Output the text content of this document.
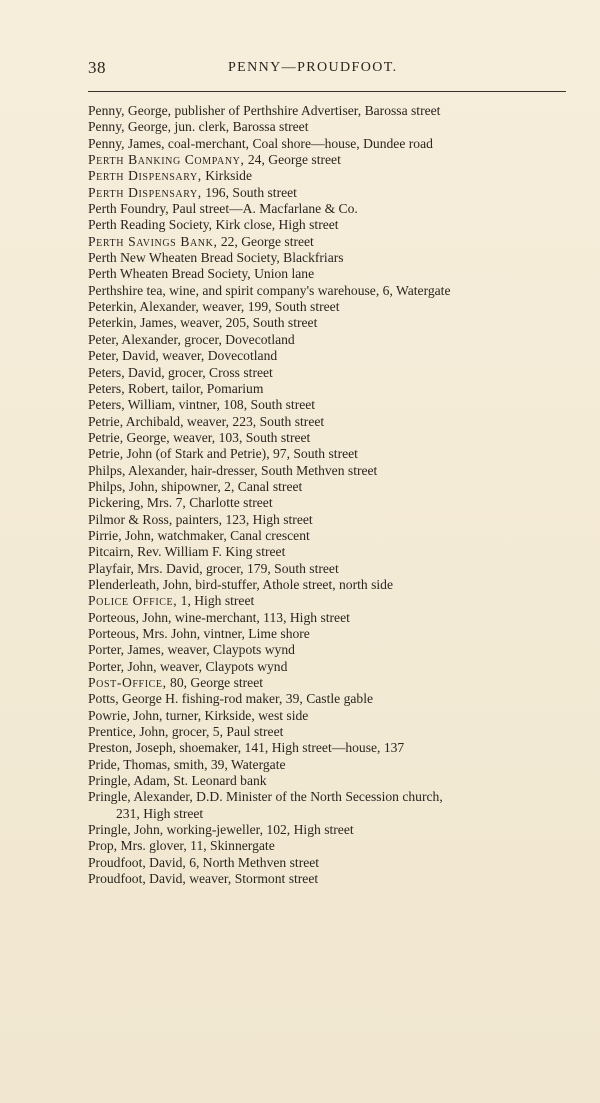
38	PENNY—PROUDFOOT.
Penny, George, publisher of Perthshire Advertiser, Barossa street
Penny, George, jun. clerk, Barossa street
Penny, James, coal-merchant, Coal shore—house, Dundee road
Perth Banking Company, 24, George street
Perth Dispensary, Kirkside
Perth Dispensary, 196, South street
Perth Foundry, Paul street—A. Macfarlane & Co.
Perth Reading Society, Kirk close, High street
Perth Savings Bank, 22, George street
Perth New Wheaten Bread Society, Blackfriars
Perth Wheaten Bread Society, Union lane
Perthshire tea, wine, and spirit company's warehouse, 6, Watergate
Peterkin, Alexander, weaver, 199, South street
Peterkin, James, weaver, 205, South street
Peter, Alexander, grocer, Dovecotland
Peter, David, weaver, Dovecotland
Peters, David, grocer, Cross street
Peters, Robert, tailor, Pomarium
Peters, William, vintner, 108, South street
Petrie, Archibald, weaver, 223, South street
Petrie, George, weaver, 103, South street
Petrie, John (of Stark and Petrie), 97, South street
Philps, Alexander, hair-dresser, South Methven street
Philps, John, shipowner, 2, Canal street
Pickering, Mrs. 7, Charlotte street
Pilmor & Ross, painters, 123, High street
Pirrie, John, watchmaker, Canal crescent
Pitcairn, Rev. William F. King street
Playfair, Mrs. David, grocer, 179, South street
Plenderleath, John, bird-stuffer, Athole street, north side
Police Office, 1, High street
Porteous, John, wine-merchant, 113, High street
Porteous, Mrs. John, vintner, Lime shore
Porter, James, weaver, Claypots wynd
Porter, John, weaver, Claypots wynd
Post-Office, 80, George street
Potts, George H. fishing-rod maker, 39, Castle gable
Powrie, John, turner, Kirkside, west side
Prentice, John, grocer, 5, Paul street
Preston, Joseph, shoemaker, 141, High street—house, 137
Pride, Thomas, smith, 39, Watergate
Pringle, Adam, St. Leonard bank
Pringle, Alexander, D.D. Minister of the North Secession church,
231, High street
Pringle, John, working-jeweller, 102, High street
Prop, Mrs. glover, 11, Skinnergate
Proudfoot, David, 6, North Methven street
Proudfoot, David, weaver, Stormont street
